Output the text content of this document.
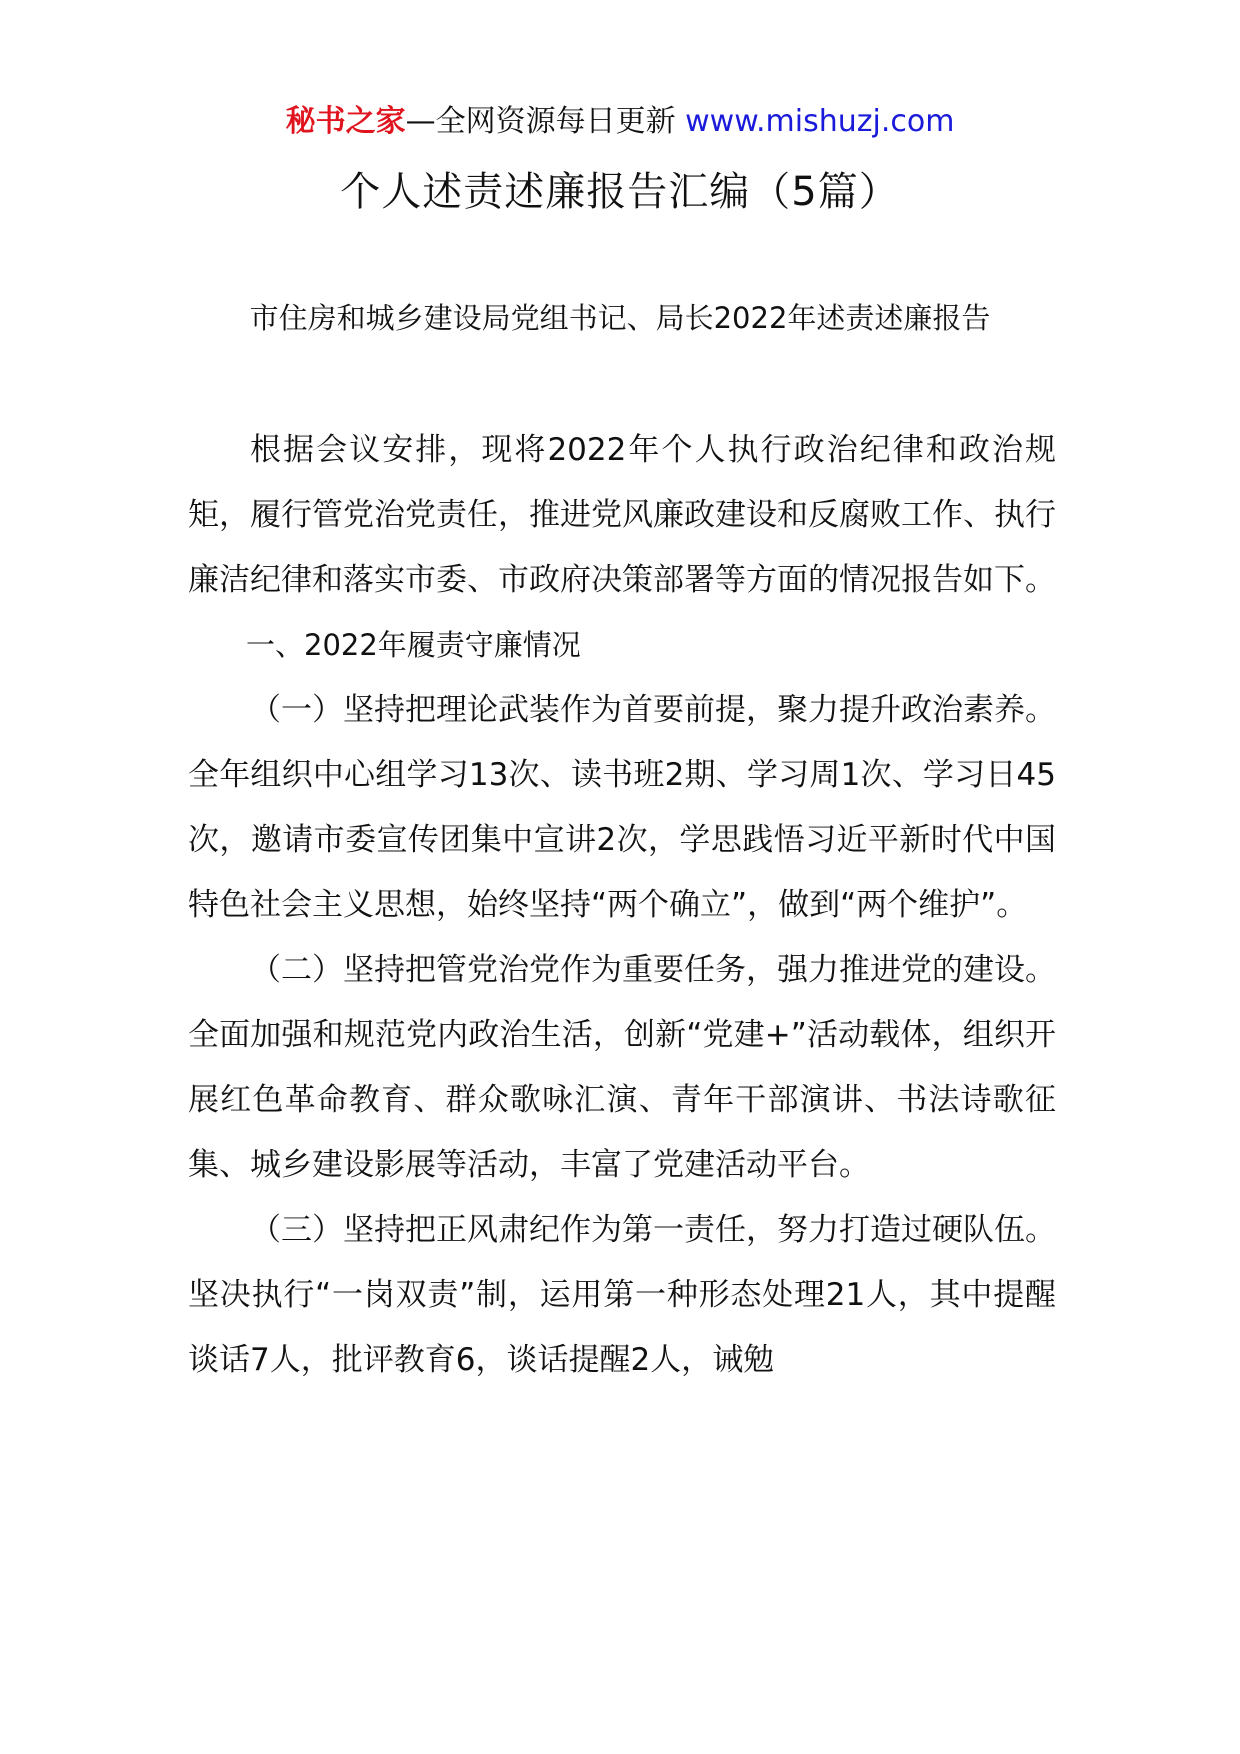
秘书之家—全网资源每日更新 www.mishuzj.com
个人述责述廉报告汇编（5篇）
市住房和城乡建设局党组书记、局长2022年述责述廉报告

根据会议安排，现将2022年个人执行政治纪律和政治规矩，履行管党治党责任，推进党风廉政建设和反腐败工作、执行廉洁纪律和落实市委、市政府决策部署等方面的情况报告如下。

一、2022年履责守廉情况

（一）坚持把理论武装作为首要前提，聚力提升政治素养。全年组织中心组学习13次、读书班2期、学习周1次、学习日45次，邀请市委宣传团集中宣讲2次，学思践悟习近平新时代中国特色社会主义思想，始终坚持“两个确立”，做到“两个维护”。

（二）坚持把管党治党作为重要任务，强力推进党的建设。全面加强和规范党内政治生活，创新“党建+”活动载体，组织开展红色革命教育、群众歌咏汇演、青年干部演讲、书法诗歌征集、城乡建设影展等活动，丰富了党建活动平台。

（三）坚持把正风肃纪作为第一责任，努力打造过硬队伍。坚决执行“一岗双责”制，运用第一种形态处理21人，其中提醒谈话7人，批评教育6，谈话提醒2人，诫勉
